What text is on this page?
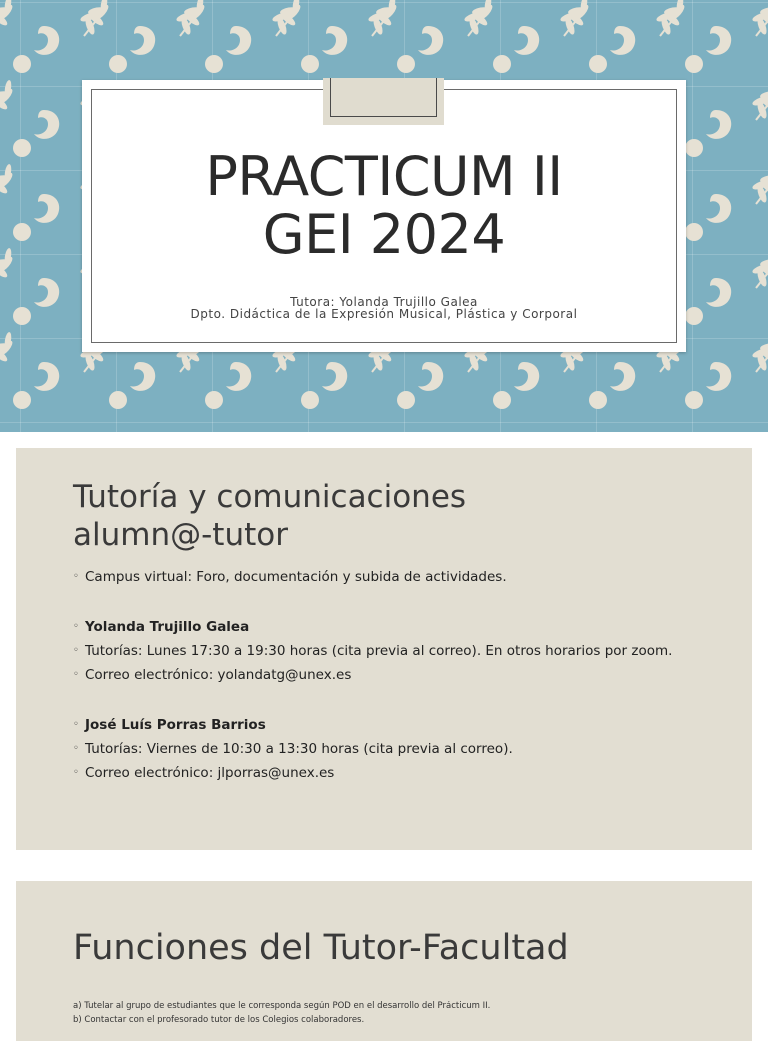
PRACTICUM II
GEI 2024
Tutora: Yolanda Trujillo Galea
Dpto. Didáctica de la Expresión Musical, Plástica y Corporal
Tutoría y comunicaciones
alumn@-tutor
◦ Campus virtual: Foro, documentación y subida de actividades.
◦ Yolanda Trujillo Galea
◦ Tutorías: Lunes 17:30 a 19:30 horas (cita previa al correo). En otros horarios por zoom.
◦ Correo electrónico: yolandatg@unex.es
◦ José Luís Porras Barrios
◦ Tutorías: Viernes de 10:30 a 13:30 horas (cita previa al correo).
◦ Correo electrónico: jlporras@unex.es
Funciones del Tutor-Facultad
a) Tutelar al grupo de estudiantes que le corresponda según POD en el desarrollo del Prácticum II.
b) Contactar con el profesorado tutor de los Colegios colaboradores.
